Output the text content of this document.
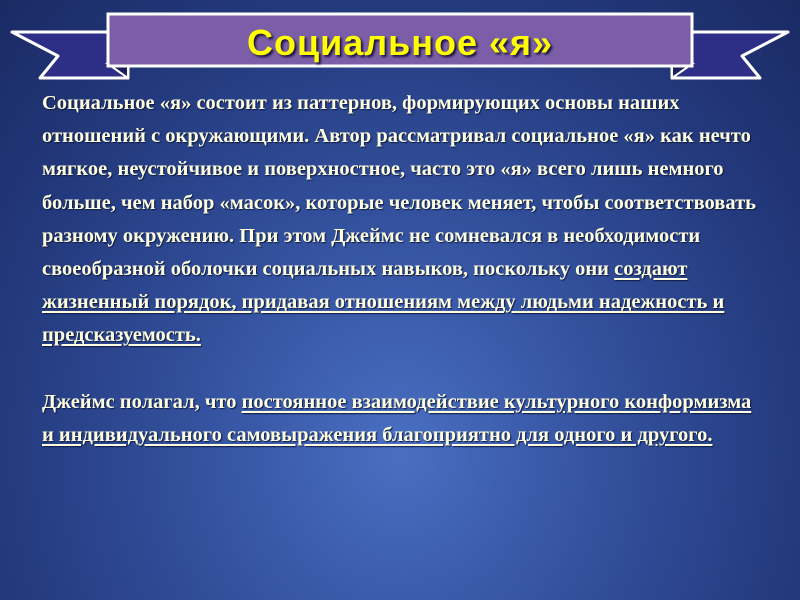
Социальное «я»

Социальное «я» состоит из паттернов, формирующих основы наших отношений с окружающими. Автор рассматривал социальное «я» как нечто мягкое, неустойчивое и поверхностное, часто это «я» всего лишь немного больше, чем набор «масок», которые человек меняет, чтобы соответствовать разному окружению. При этом Джеймс не сомневался в необходимости своеобразной оболочки социальных навыков, поскольку они создают жизненный порядок, придавая отношениям между людьми надежность и предсказуемость.

Джеймс полагал, что постоянное взаимодействие культурного конформизма и индивидуального самовыражения благоприятно для одного и другого.
